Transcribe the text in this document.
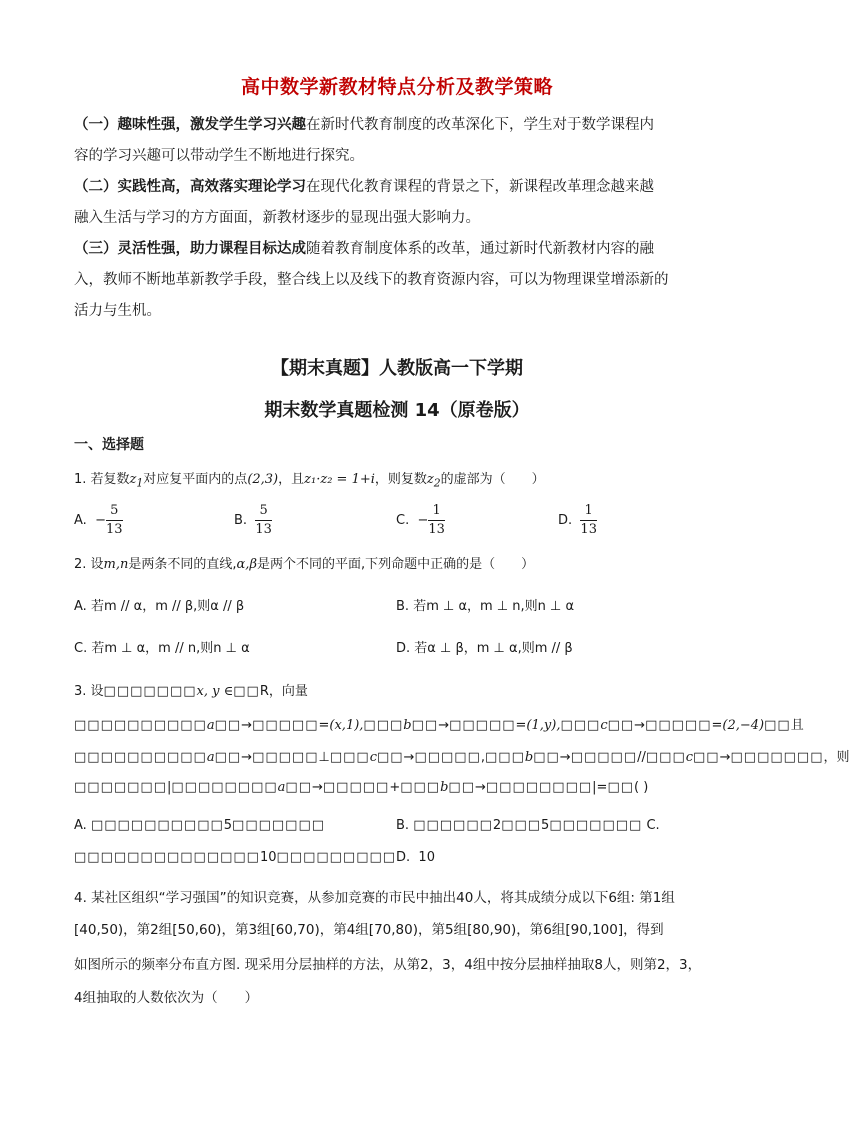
高中数学新教材特点分析及教学策略
（一）趣味性强，激发学生学习兴趣在新时代教育制度的改革深化下，学生对于数学课程内
容的学习兴趣可以带动学生不断地进行探究。
（二）实践性高，高效落实理论学习在现代化教育课程的背景之下，新课程改革理念越来越
融入生活与学习的方方面面，新教材逐步的显现出强大影响力。
（三）灵活性强，助力课程目标达成随着教育制度体系的改革，通过新时代新教材内容的融
入，教师不断地革新教学手段，整合线上以及线下的教育资源内容，可以为物理课堂增添新的
活力与生机。
【期末真题】人教版高一下学期
期末数学真题检测 14（原卷版）
一、选择题
1. 若复数$z_1$对应复平面内的点(2,3)，且z₁·z₂ = 1+i，则复数$z_2$的虚部为（　　）
A. − $\frac{5}{13}$	B. $\frac{5}{13}$	C. − $\frac{1}{13}$	D. $\frac{1}{13}$
2. 设m,n是两条不同的直线,α,β是两个不同的平面,下列命题中正确的是（　　）
A. 若m // α，m // β,则α // β	B. 若m ⊥ α，m ⊥ n,则n ⊥ α
C. 若m ⊥ α，m // n,则n ⊥ α	D. 若α ⊥ β，m ⊥ α,则m // β
3. 设□□□□□□□x, y ∈□□R，向量
□□□□□□□□□□a□□→□□□□□=(x,1),□□□b□□→□□□□□=(1,y),□□□c□□→□□□□□=(2,−4)□□且
□□□□□□□□□□a□□→□□□□□⊥□□□c□□→□□□□□,□□□b□□→□□□□□//□□□c□□→□□□□□□□，则
□□□□□□□|□□□□□□□□a□□→□□□□□+□□□b□□→□□□□□□□□|=□□( )
A. □□□□□□□□□□5□□□□□□□	B. □□□□□□2□□□5□□□□□□□ C.
□□□□□□□□□□□□□□10□□□□□□□□□ D. 10
4. 某社区组织“学习强国”的知识竞赛，从参加竞赛的市民中抽出40人，将其成绩分成以下6组: 第1组
[40,50)，第2组[50,60)，第3组[60,70)，第4组[70,80)，第5组[80,90)，第6组[90,100]，得到
如图所示的频率分布直方图. 现采用分层抽样的方法，从第2，3，4组中按分层抽样抽取8人，则第2，3，
4组抽取的人数依次为（　　）
